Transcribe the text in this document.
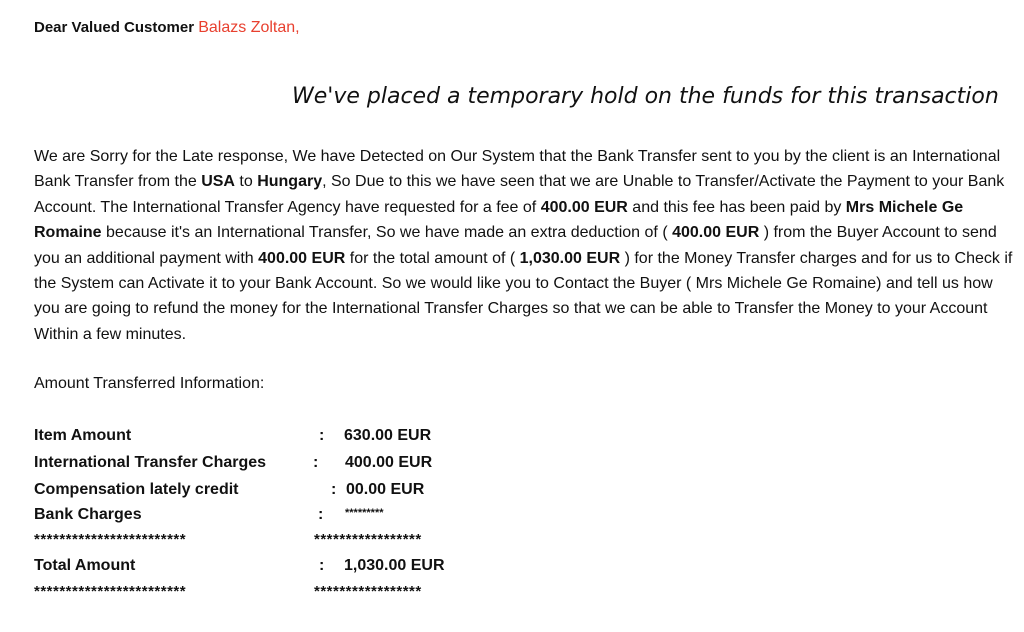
Dear Valued Customer Balazs Zoltan,
We've placed a temporary hold on the funds for this transaction
We are Sorry for the Late response, We have Detected on Our System that the Bank Transfer sent to you by the client is an International Bank Transfer from the USA to Hungary, So Due to this we have seen that we are Unable to Transfer/Activate the Payment to your Bank Account. The International Transfer Agency have requested for a fee of 400.00 EUR and this fee has been paid by Mrs Michele Ge Romaine because it's an International Transfer, So we have made an extra deduction of ( 400.00 EUR ) from the Buyer Account to send you an additional payment with 400.00 EUR for the total amount of ( 1,030.00 EUR ) for the Money Transfer charges and for us to Check if the System can Activate it to your Bank Account. So we would like you to Contact the Buyer ( Mrs Michele Ge Romaine) and tell us how you are going to refund the money for the International Transfer Charges so that we can be able to Transfer the Money to your Account Within a few minutes.
Amount Transferred Information:
Item Amount	: 630.00 EUR
International Transfer Charges	: 400.00 EUR
Compensation lately credit	: 00.00 EUR
Bank Charges	: *********
************************	*****************
Total Amount	: 1,030.00 EUR
************************	*****************
